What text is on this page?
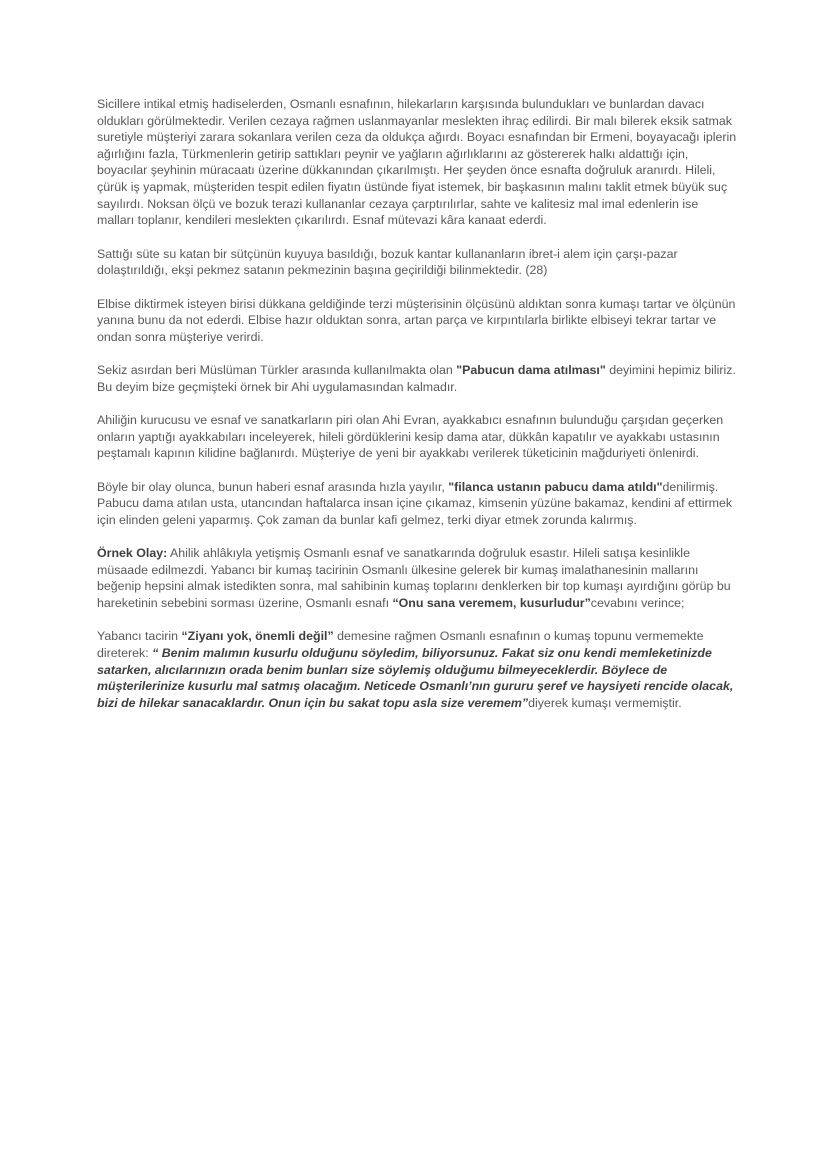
Sicillere intikal etmiş hadiselerden, Osmanlı esnafının, hilekarların karşısında bulundukları ve bunlardan davacı oldukları görülmektedir. Verilen cezaya rağmen uslanmayanlar meslekten ihraç edilirdi. Bir malı bilerek eksik satmak suretiyle müşteriyi zarara sokanlara verilen ceza da oldukça ağırdı. Boyacı esnafından bir Ermeni, boyayacağı iplerin ağırlığını fazla, Türkmenlerin getirip sattıkları peynir ve yağların ağırlıklarını az göstererek halkı aldattığı için, boyacılar şeyhinin müracaatı üzerine dükkanından çıkarılmıştı. Her şeyden önce esnafta doğruluk aranırdı. Hileli, çürük iş yapmak, müşteriden tespit edilen fiyatın üstünde fiyat istemek, bir başkasının malını taklit etmek büyük suç sayılırdı. Noksan ölçü ve bozuk terazi kullananlar cezaya çarptırılırlar, sahte ve kalitesiz mal imal edenlerin ise malları toplanır, kendileri meslekten çıkarılırdı. Esnaf mütevazi kâra kanaat ederdi.

Sattığı süte su katan bir sütçünün kuyuya basıldığı, bozuk kantar kullananların ibret-i alem için çarşı-pazar dolaştırıldığı, ekşi pekmez satanın pekmezinin başına geçirildiği bilinmektedir. (28)

Elbise diktirmek isteyen birisi dükkana geldiğinde terzi müşterisinin ölçüsünü aldıktan sonra kumaşı tartar ve ölçünün yanına bunu da not ederdi. Elbise hazır olduktan sonra, artan parça ve kırpıntılarla birlikte elbiseyi tekrar tartar ve ondan sonra müşteriye verirdi.

Sekiz asırdan beri Müslüman Türkler arasında kullanılmakta olan "Pabucun dama atılması" deyimini hepimiz biliriz. Bu deyim bize geçmişteki örnek bir Ahi uygulamasından kalmadır.

Ahiliğin kurucusu ve esnaf ve sanatkarların piri olan Ahi Evran, ayakkabıcı esnafının bulunduğu çarşıdan geçerken onların yaptığı ayakkabıları inceleyerek, hileli gördüklerini kesip dama atar, dükkân kapatılır ve ayakkabı ustasının peştamalı kapının kilidine bağlanırdı. Müşteriye de yeni bir ayakkabı verilerek tüketicinin mağduriyeti önlenirdi.

Böyle bir olay olunca, bunun haberi esnaf arasında hızla yayılır, "filanca ustanın pabucu dama atıldı"denilirmiş. Pabucu dama atılan usta, utancından haftalarca insan içine çıkamaz, kimsenin yüzüne bakamaz, kendini af ettirmek için elinden geleni yaparmış. Çok zaman da bunlar kafi gelmez, terki diyar etmek zorunda kalırmış.

Örnek Olay: Ahilik ahlâkıyla yetişmiş Osmanlı esnaf ve sanatkarında doğruluk esastır. Hileli satışa kesinlikle müsaade edilmezdi. Yabancı bir kumaş tacirinin Osmanlı ülkesine gelerek bir kumaş imalathanesinin mallarını beğenip hepsini almak istedikten sonra, mal sahibinin kumaş toplarını denklerken bir top kumaşı ayırdığını görüp bu hareketinin sebebini sorması üzerine, Osmanlı esnafı “Onu sana veremem, kusurludur”cevabını verince;

Yabancı tacirin “Ziyanı yok, önemli değil” demesine rağmen Osmanlı esnafının o kumaş topunu vermemekte direterek: “ Benim malımın kusurlu olduğunu söyledim, biliyorsunuz. Fakat siz onu kendi memleketinizde satarken, alıcılarınızın orada benim bunları size söylemiş olduğumu bilmeyeceklerdir. Böylece de müşterilerinize kusurlu mal satmış olacağım. Neticede Osmanlı’nın gururu şeref ve haysiyeti rencide olacak, bizi de hilekar sanacaklardır. Onun için bu sakat topu asla size veremem”diyerek kumaşı vermemiştir.
